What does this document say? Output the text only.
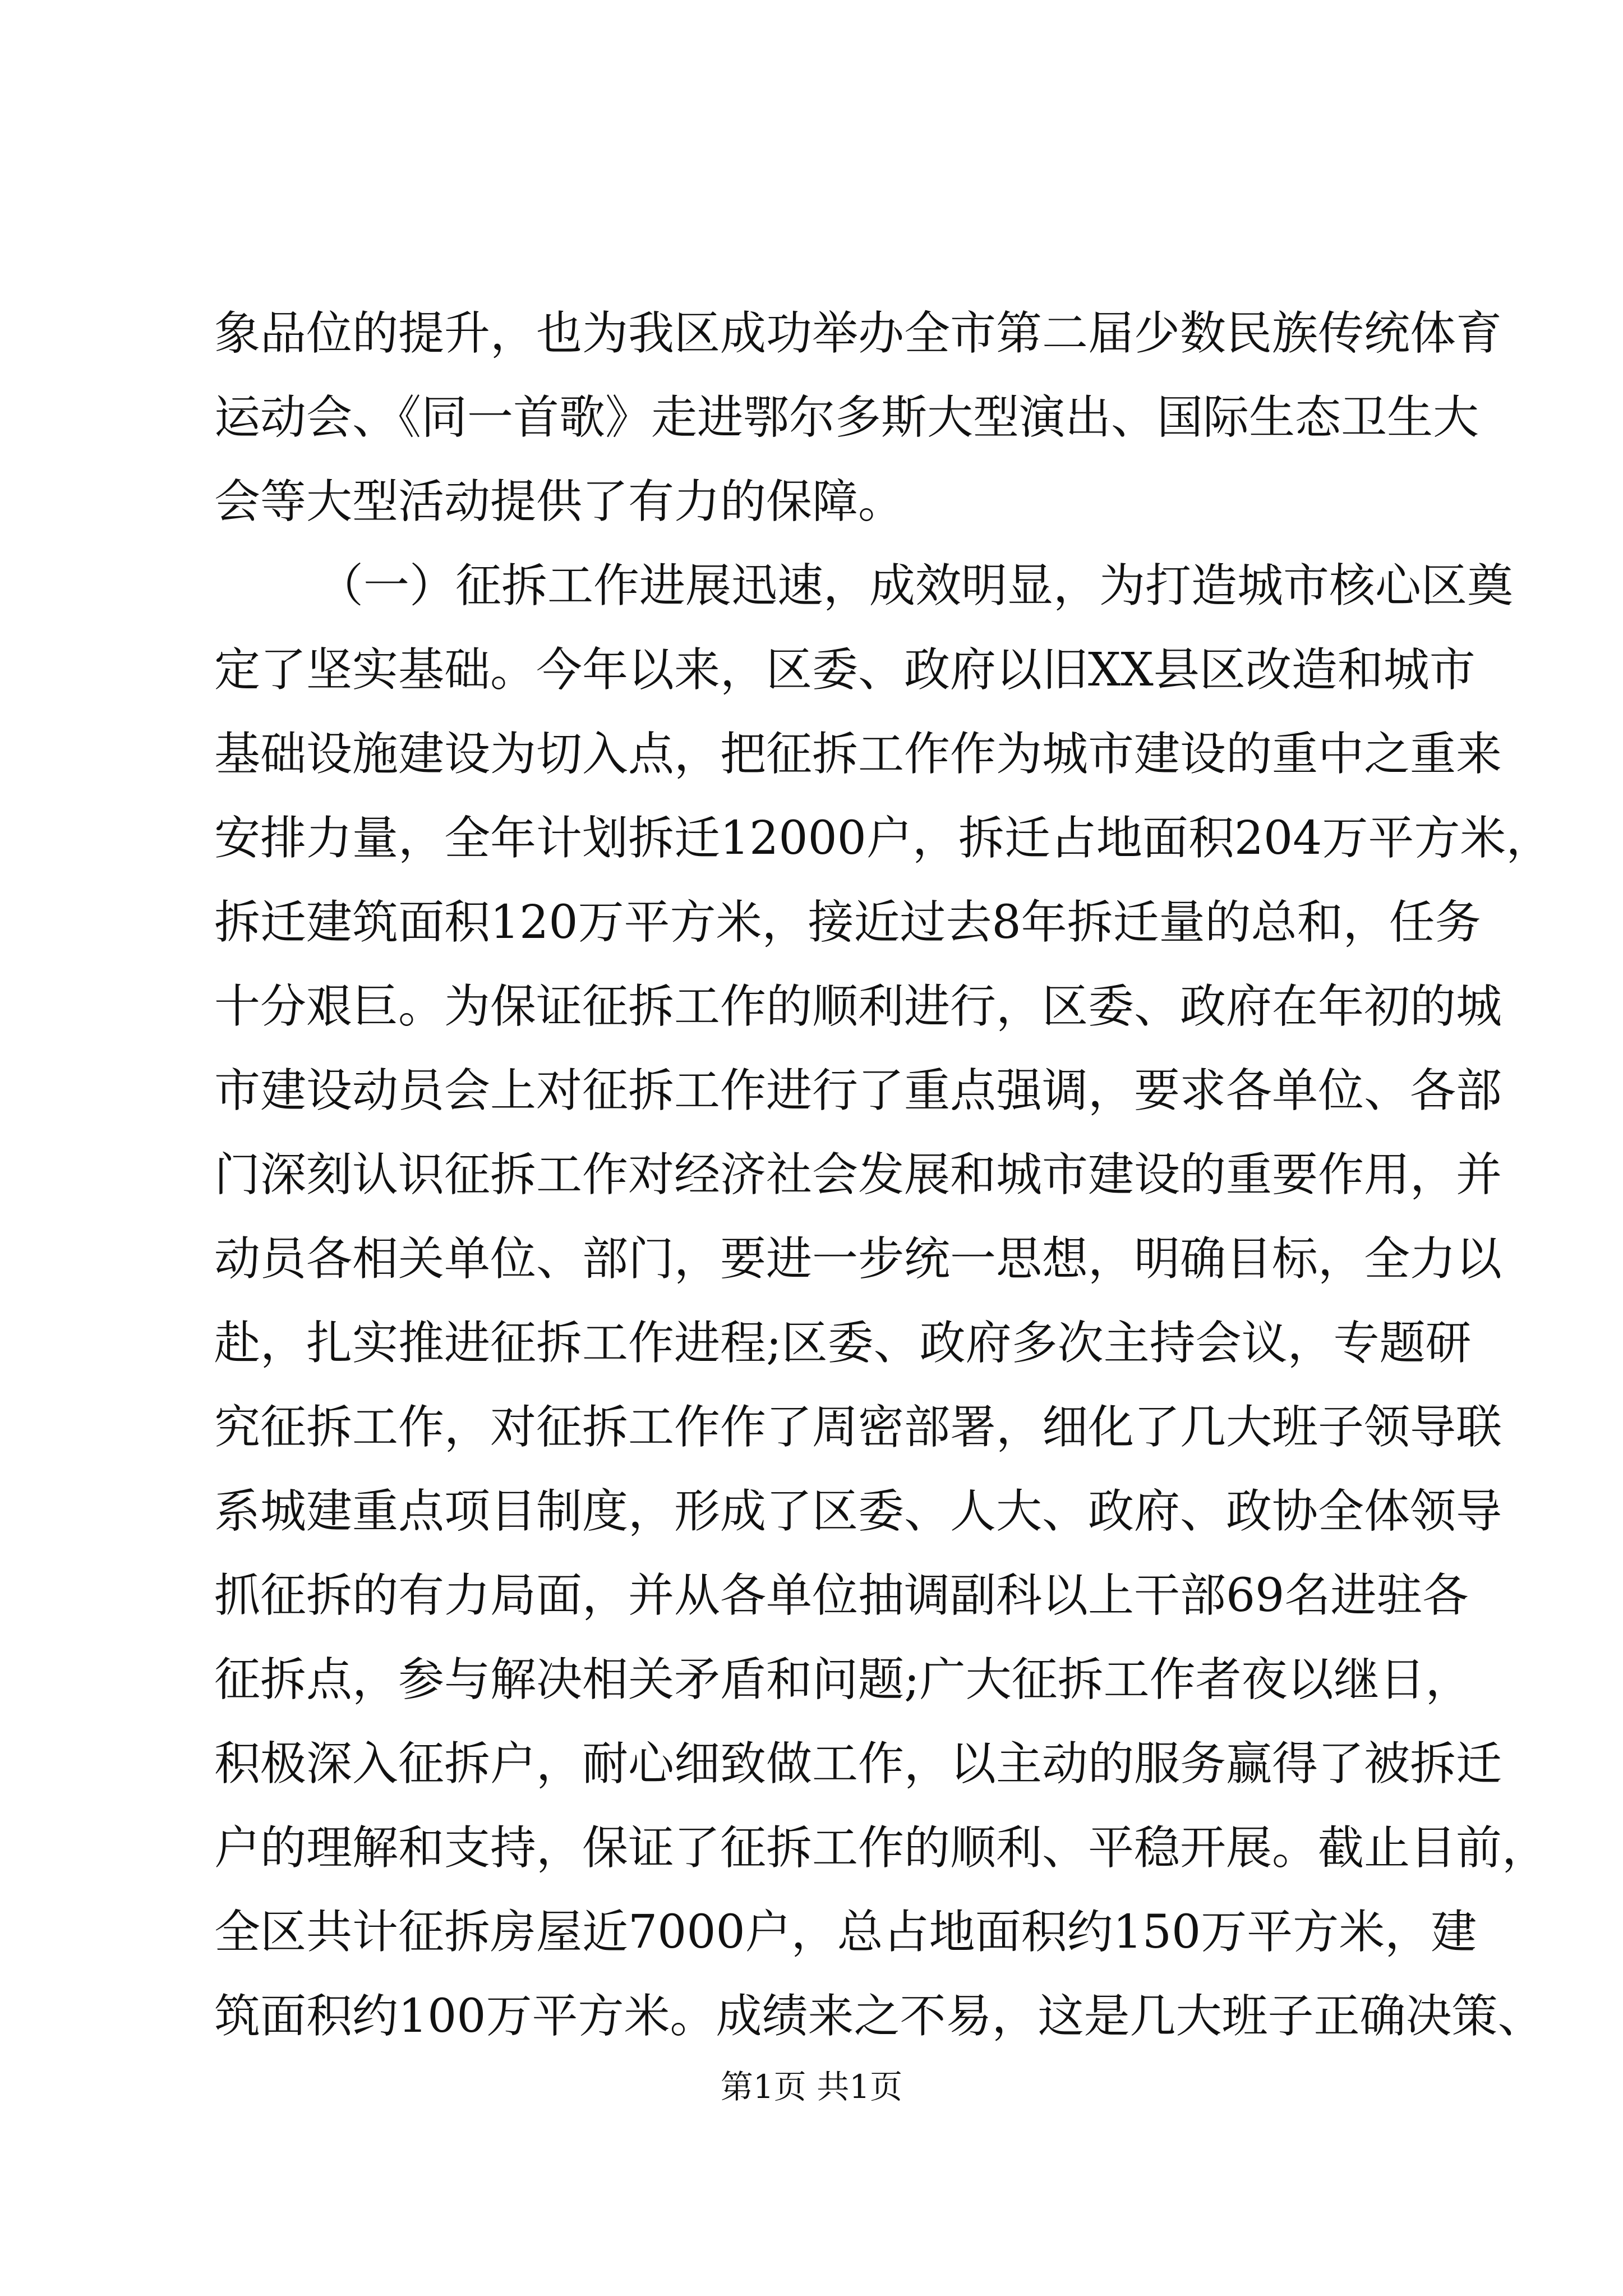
象品位的提升，也为我区成功举办全市第二届少数民族传统体育
运动会、《同一首歌》走进鄂尔多斯大型演出、国际生态卫生大
会等大型活动提供了有力的保障。
（一）征拆工作进展迅速，成效明显，为打造城市核心区奠
定了坚实基础。今年以来，区委、政府以旧XX县区改造和城市
基础设施建设为切入点，把征拆工作作为城市建设的重中之重来
安排力量，全年计划拆迁12000户，拆迁占地面积204万平方米，
拆迁建筑面积120万平方米，接近过去8年拆迁量的总和，任务
十分艰巨。为保证征拆工作的顺利进行，区委、政府在年初的城
市建设动员会上对征拆工作进行了重点强调，要求各单位、各部
门深刻认识征拆工作对经济社会发展和城市建设的重要作用，并
动员各相关单位、部门，要进一步统一思想，明确目标，全力以
赴，扎实推进征拆工作进程;区委、政府多次主持会议，专题研
究征拆工作，对征拆工作作了周密部署，细化了几大班子领导联
系城建重点项目制度，形成了区委、人大、政府、政协全体领导
抓征拆的有力局面，并从各单位抽调副科以上干部69名进驻各
征拆点，参与解决相关矛盾和问题;广大征拆工作者夜以继日，
积极深入征拆户，耐心细致做工作，以主动的服务赢得了被拆迁
户的理解和支持，保证了征拆工作的顺利、平稳开展。截止目前，
全区共计征拆房屋近7000户，总占地面积约150万平方米，建
筑面积约100万平方米。成绩来之不易，这是几大班子正确决策、
第1页 共1页
